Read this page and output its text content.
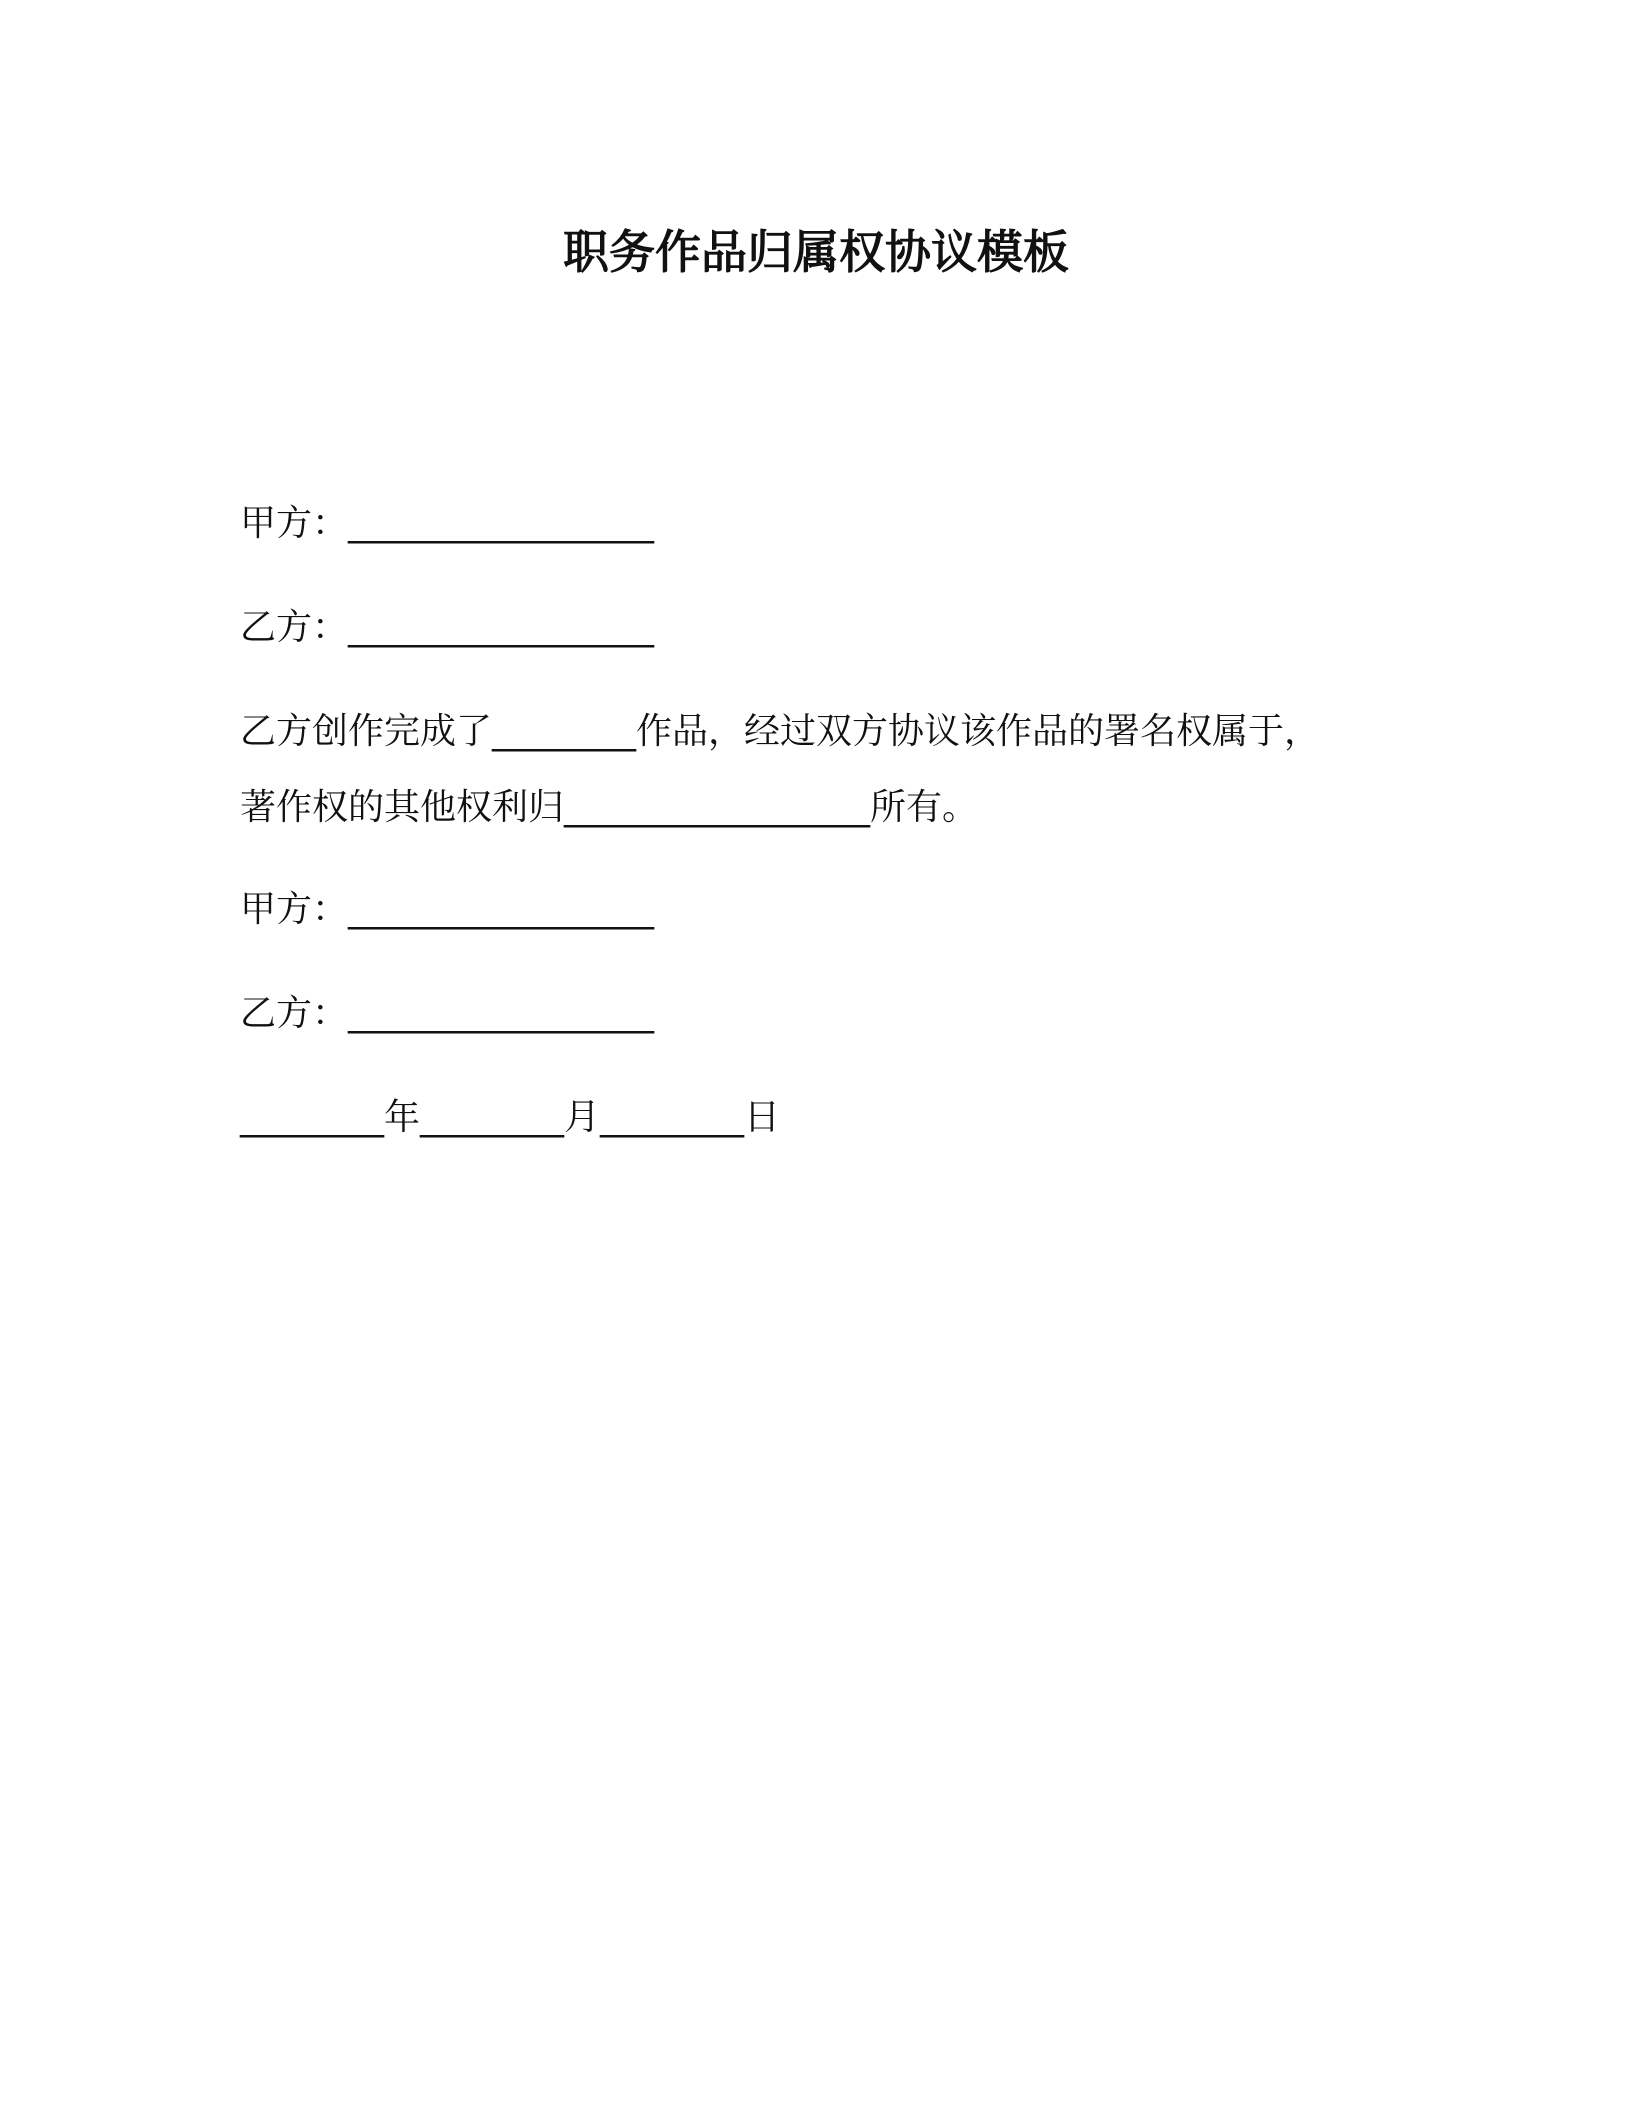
职务作品归属权协议模板
甲方：_________________
乙方：_________________
乙方创作完成了________作品，经过双方协议该作品的署名权属于，
著作权的其他权利归_________________所有。
甲方：_________________
乙方：_________________
________年________月________日
